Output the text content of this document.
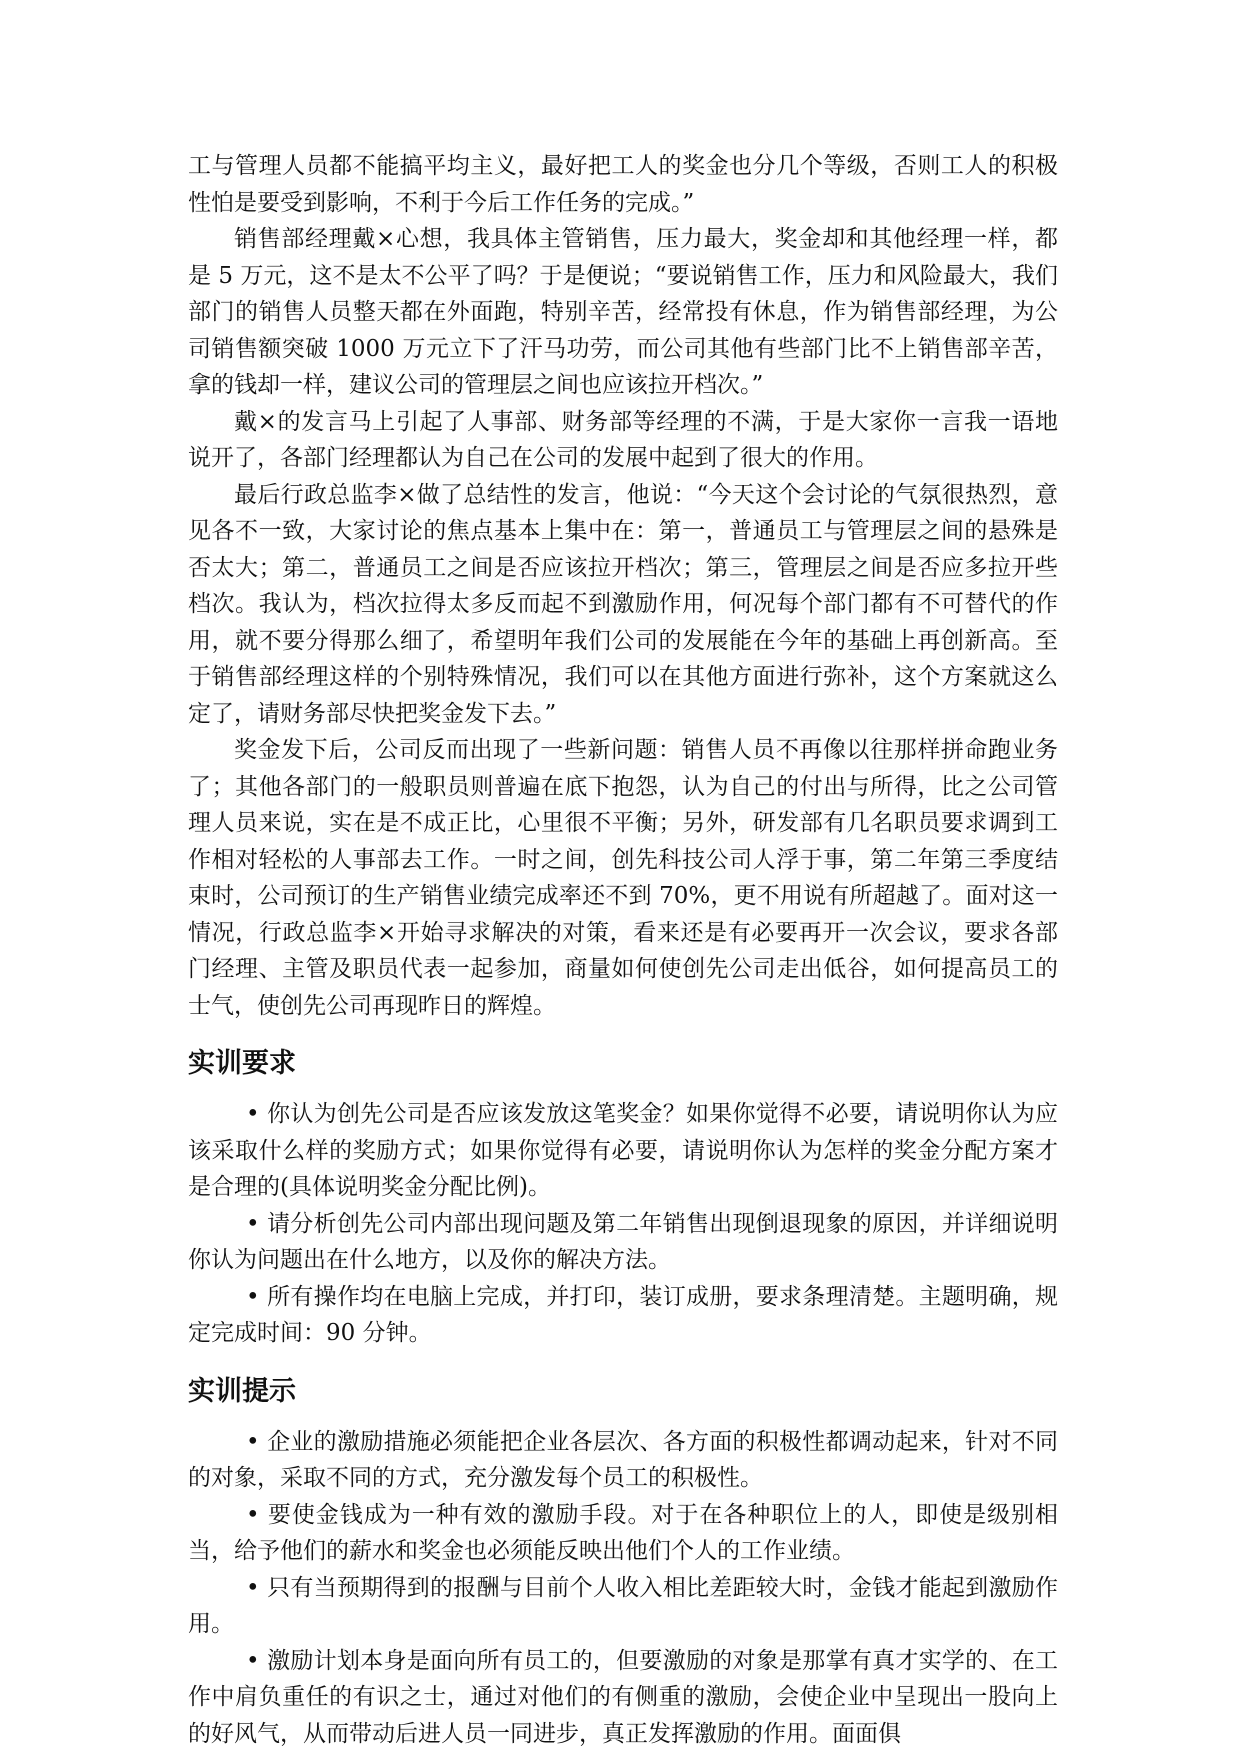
工与管理人员都不能搞平均主义，最好把工人的奖金也分几个等级，否则工人的积极性怕是要受到影响，不利于今后工作任务的完成。”

销售部经理戴×心想，我具体主管销售，压力最大，奖金却和其他经理一样，都是 5 万元，这不是太不公平了吗？于是便说；“要说销售工作，压力和风险最大，我们部门的销售人员整天都在外面跑，特别辛苦，经常投有休息，作为销售部经理，为公司销售额突破 1000 万元立下了汗马功劳，而公司其他有些部门比不上销售部辛苦，拿的钱却一样，建议公司的管理层之间也应该拉开档次。”

戴×的发言马上引起了人事部、财务部等经理的不满，于是大家你一言我一语地说开了，各部门经理都认为自己在公司的发展中起到了很大的作用。

最后行政总监李×做了总结性的发言，他说：“今天这个会讨论的气氛很热烈，意见各不一致，大家讨论的焦点基本上集中在：第一，普通员工与管理层之间的悬殊是否太大；第二，普通员工之间是否应该拉开档次；第三，管理层之间是否应多拉开些档次。我认为，档次拉得太多反而起不到激励作用，何况每个部门都有不可替代的作用，就不要分得那么细了，希望明年我们公司的发展能在今年的基础上再创新高。至于销售部经理这样的个别特殊情况，我们可以在其他方面进行弥补，这个方案就这么定了，请财务部尽快把奖金发下去。”

奖金发下后，公司反而出现了一些新问题：销售人员不再像以往那样拼命跑业务了；其他各部门的一般职员则普遍在底下抱怨，认为自己的付出与所得，比之公司管理人员来说，实在是不成正比，心里很不平衡；另外，研发部有几名职员要求调到工作相对轻松的人事部去工作。一时之间，创先科技公司人浮于事，第二年第三季度结束时，公司预订的生产销售业绩完成率还不到 70%，更不用说有所超越了。面对这一情况，行政总监李×开始寻求解决的对策，看来还是有必要再开一次会议，要求各部门经理、主管及职员代表一起参加，商量如何使创先公司走出低谷，如何提高员工的士气，使创先公司再现昨日的辉煌。

实训要求

• 你认为创先公司是否应该发放这笔奖金？如果你觉得不必要，请说明你认为应该采取什么样的奖励方式；如果你觉得有必要，请说明你认为怎样的奖金分配方案才是合理的(具体说明奖金分配比例)。

• 请分析创先公司内部出现问题及第二年销售出现倒退现象的原因，并详细说明你认为问题出在什么地方，以及你的解决方法。

• 所有操作均在电脑上完成，并打印，装订成册，要求条理清楚。主题明确，规定完成时间：90 分钟。

实训提示

• 企业的激励措施必须能把企业各层次、各方面的积极性都调动起来，针对不同的对象，采取不同的方式，充分激发每个员工的积极性。

• 要使金钱成为一种有效的激励手段。对于在各种职位上的人，即使是级别相当，给予他们的薪水和奖金也必须能反映出他们个人的工作业绩。

• 只有当预期得到的报酬与目前个人收入相比差距较大时，金钱才能起到激励作用。

• 激励计划本身是面向所有员工的，但要激励的对象是那掌有真才实学的、在工作中肩负重任的有识之士，通过对他们的有侧重的激励，会使企业中呈现出一股向上的好风气，从而带动后进人员一同进步，真正发挥激励的作用。面面俱
